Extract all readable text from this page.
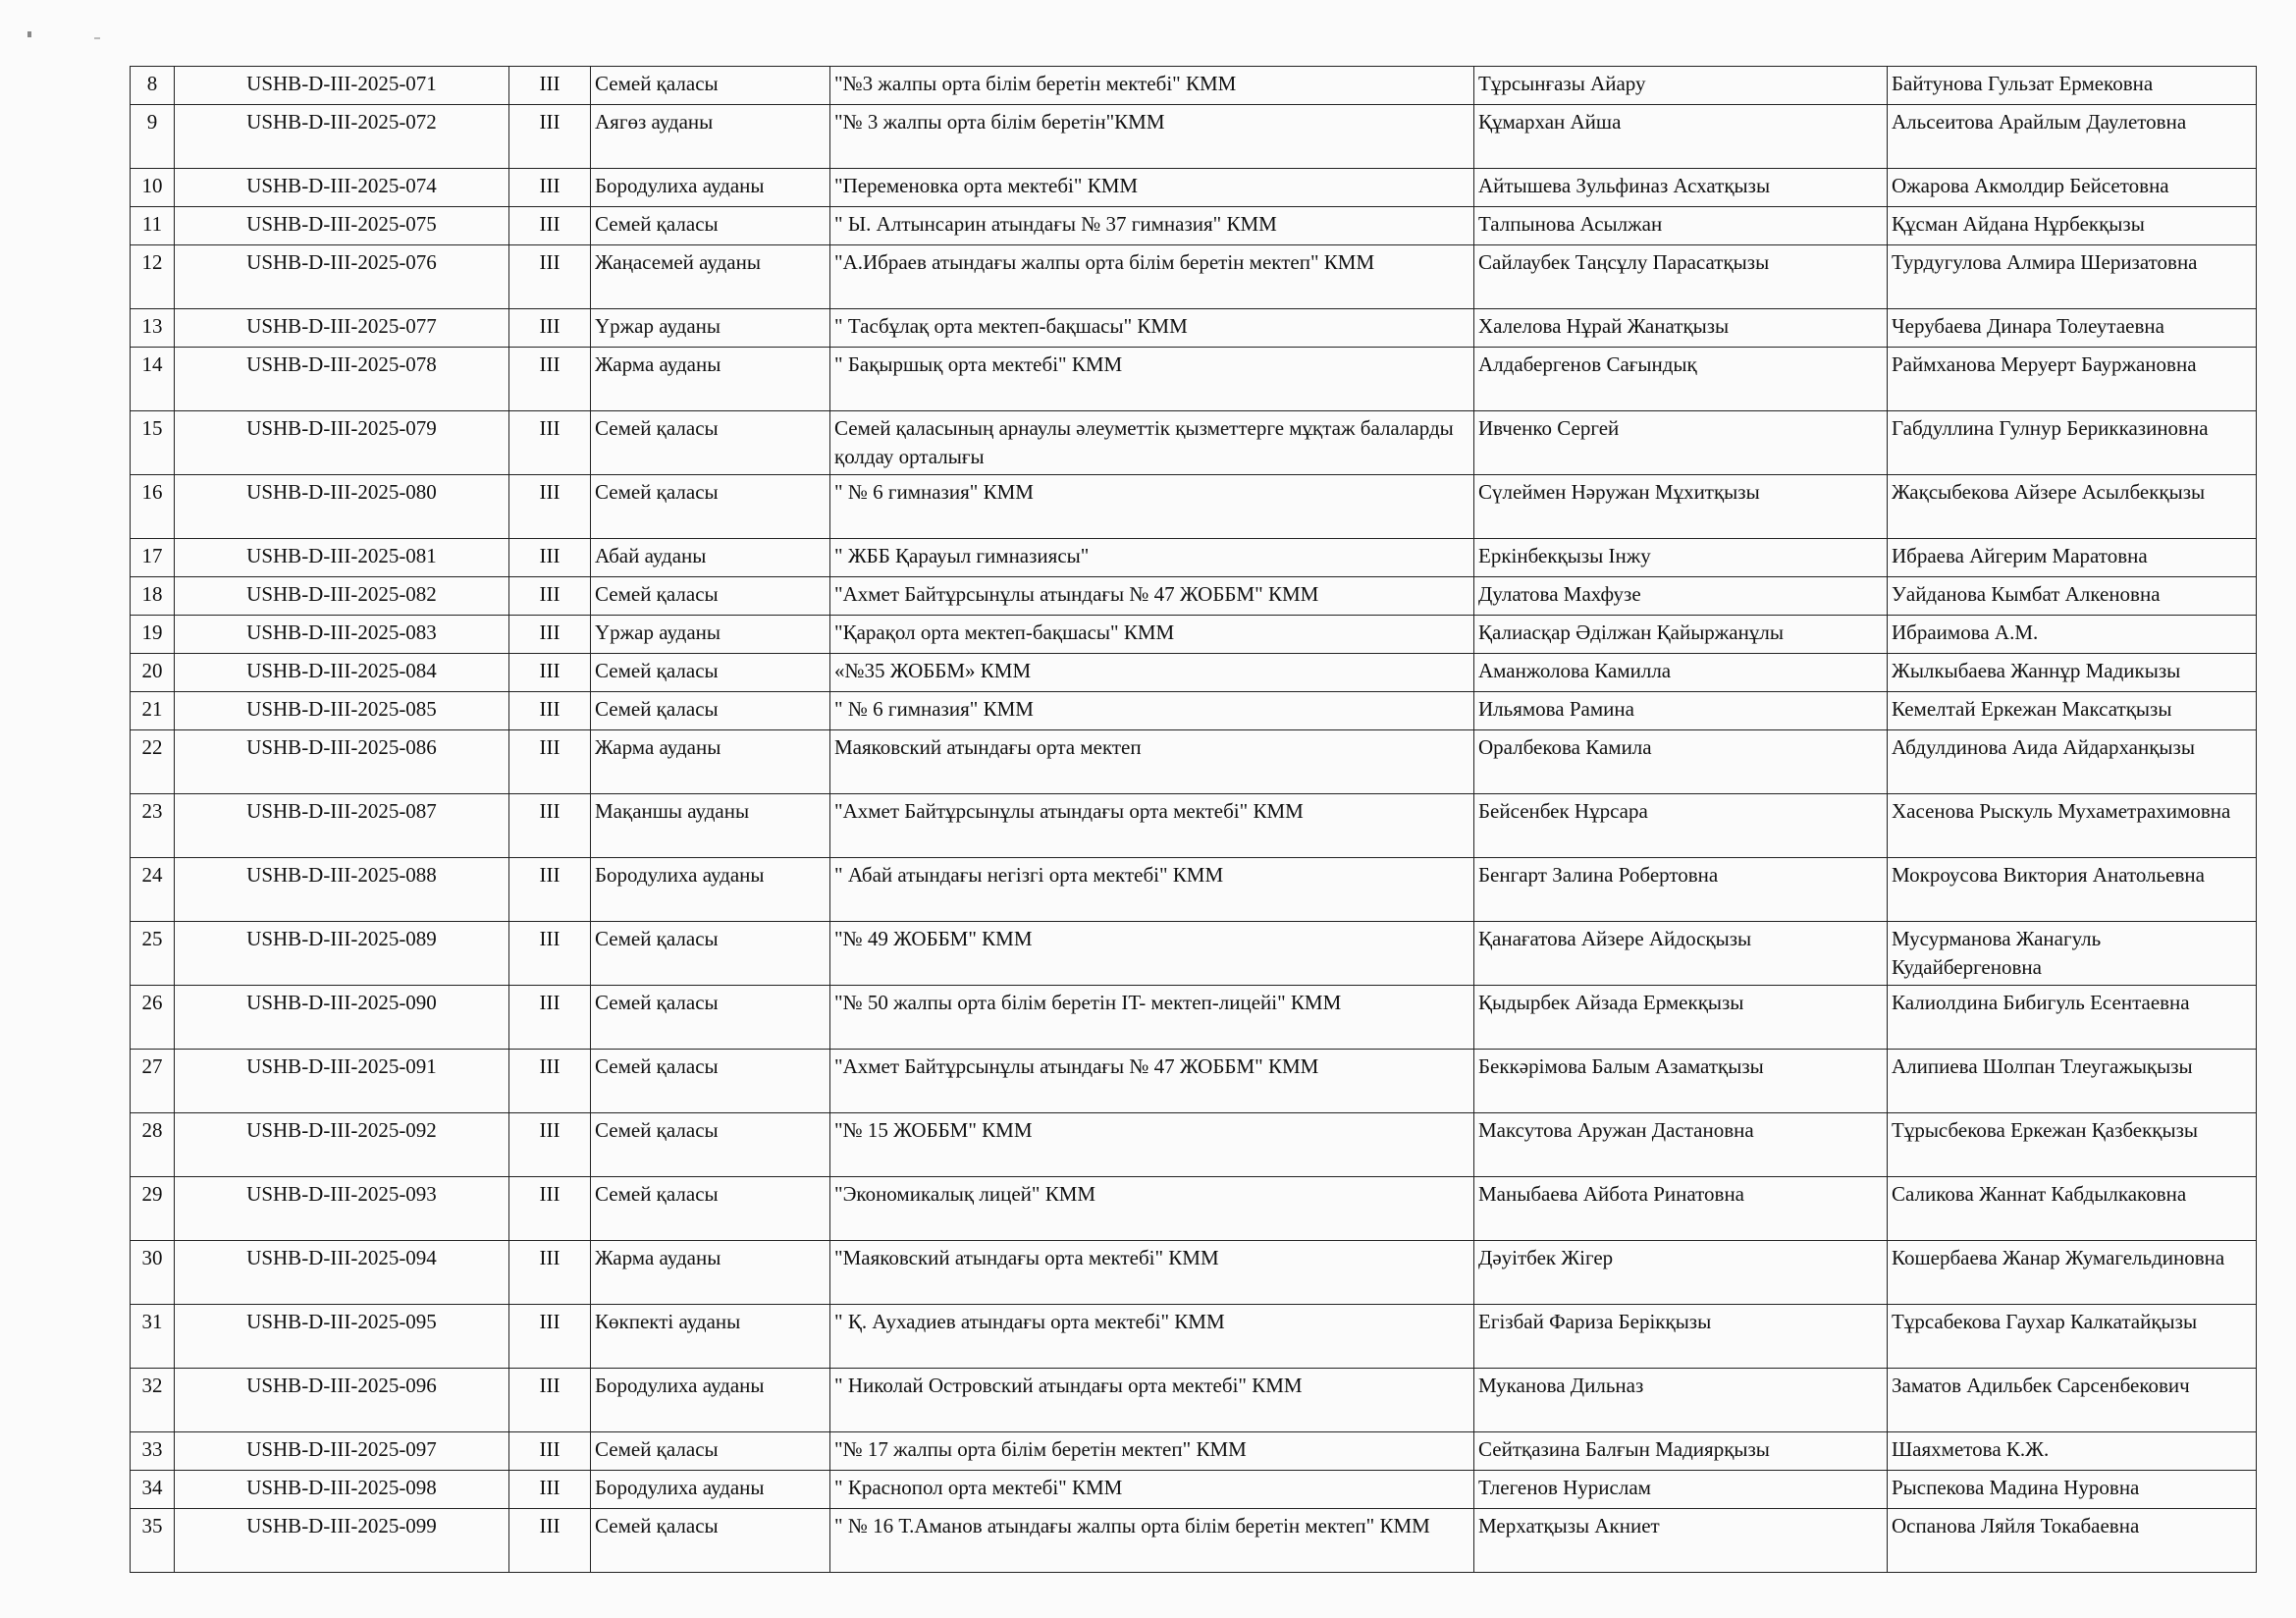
8	USHB-D-III-2025-071	III	Семей қаласы	"№3 жалпы орта білім беретін мектебі" КММ	Тұрсынғазы Айару	Байтунова Гульзат Ермековна
9	USHB-D-III-2025-072	III	Аягөз ауданы	"№ 3 жалпы орта білім беретін"КММ	Құмархан Айша	Альсеитова Арайлым Даулетовна
10	USHB-D-III-2025-074	III	Бородулиха ауданы	"Переменовка орта мектебі" КММ	Айтышева Зульфиназ Асхатқызы	Ожарова Акмолдир Бейсетовна
11	USHB-D-III-2025-075	III	Семей қаласы	" Ы. Алтынсарин атындағы № 37 гимназия" КММ	Талпынова Асылжан	Құсман Айдана Нұрбекқызы
12	USHB-D-III-2025-076	III	Жаңасемей ауданы	"А.Ибраев атындағы жалпы орта білім беретін мектеп" КММ	Сайлаубек Таңсұлу Парасатқызы	Турдугулова Алмира Шеризатовна
13	USHB-D-III-2025-077	III	Үржар ауданы	" Тасбұлақ орта мектеп-бақшасы" КММ	Халелова Нұрай Жанатқызы	Черубаева Динара Толеутаевна
14	USHB-D-III-2025-078	III	Жарма ауданы	" Бақыршық орта мектебі" КММ	Алдабергенов Сағындық	Раймханова Меруерт Бауржановна
15	USHB-D-III-2025-079	III	Семей қаласы	Семей қаласының арнаулы әлеуметтік қызметтерге мұқтаж балаларды қолдау орталығы	Ивченко Сергей	Габдуллина Гулнур Берикказиновна
16	USHB-D-III-2025-080	III	Семей қаласы	" № 6 гимназия" КММ	Сүлеймен Нәружан Мұхитқызы	Жақсыбекова Айзере Асылбекқызы
17	USHB-D-III-2025-081	III	Абай ауданы	" ЖББ Қарауыл гимназиясы"	Еркінбекқызы Інжу	Ибраева Айгерим Маратовна
18	USHB-D-III-2025-082	III	Семей қаласы	"Ахмет Байтұрсынұлы атындағы № 47 ЖОББМ" КММ	Дулатова Махфузе	Уайданова Кымбат Алкеновна
19	USHB-D-III-2025-083	III	Үржар ауданы	"Қарақол орта мектеп-бақшасы" КММ	Қалиасқар Әділжан Қайыржанұлы	Ибраимова А.М.
20	USHB-D-III-2025-084	III	Семей қаласы	«№35 ЖОББМ» КММ	Аманжолова Камилла	Жылкыбаева Жаннұр Мадикызы
21	USHB-D-III-2025-085	III	Семей қаласы	" № 6 гимназия" КММ	Ильямова Рамина	Кемелтай Еркежан Максатқызы
22	USHB-D-III-2025-086	III	Жарма ауданы	Маяковский атындағы орта мектеп	Оралбекова Камила	Абдулдинова Аида Айдарханқызы
23	USHB-D-III-2025-087	III	Мақаншы ауданы	"Ахмет Байтұрсынұлы атындағы орта мектебі" КММ	Бейсенбек Нұрсара	Хасенова Рыскуль Мухаметрахимовна
24	USHB-D-III-2025-088	III	Бородулиха ауданы	" Абай атындағы негізгі орта мектебі" КММ	Бенгарт Залина Робертовна	Мокроусова Виктория Анатольевна
25	USHB-D-III-2025-089	III	Семей қаласы	"№ 49 ЖОББМ" КММ	Қанағатова Айзере Айдосқызы	Мусурманова Жанагуль Кудайбергеновна
26	USHB-D-III-2025-090	III	Семей қаласы	"№ 50 жалпы орта білім беретін IT- мектеп-лицейі" КММ	Қыдырбек Айзада Ермекқызы	Калиолдина Бибигуль Есентаевна
27	USHB-D-III-2025-091	III	Семей қаласы	"Ахмет Байтұрсынұлы атындағы № 47 ЖОББМ" КММ	Беккәрімова Балым Азаматқызы	Алипиева Шолпан Тлеугажықызы
28	USHB-D-III-2025-092	III	Семей қаласы	"№ 15 ЖОББМ" КММ	Максутова Аружан Дастановна	Тұрысбекова Еркежан Қазбекқызы
29	USHB-D-III-2025-093	III	Семей қаласы	"Экономикалық лицей" КММ	Маныбаева Айбота Ринатовна	Саликова Жаннат Кабдылкаковна
30	USHB-D-III-2025-094	III	Жарма ауданы	"Маяковский атындағы орта мектебі" КММ	Дәуітбек Жігер	Кошербаева Жанар Жумагельдиновна
31	USHB-D-III-2025-095	III	Көкпекті ауданы	" Қ. Аухадиев атындағы орта мектебі" КММ	Егізбай Фариза Берікқызы	Тұрсабекова Гаухар Калкатайқызы
32	USHB-D-III-2025-096	III	Бородулиха ауданы	" Николай Островский атындағы орта мектебі" КММ	Муканова Дильназ	Заматов Адильбек Сарсенбекович
33	USHB-D-III-2025-097	III	Семей қаласы	"№ 17 жалпы орта білім беретін мектеп" КММ	Сейтқазина Балғын Мадиярқызы	Шаяхметова К.Ж.
34	USHB-D-III-2025-098	III	Бородулиха ауданы	" Краснопол орта мектебі" КММ	Тлегенов Нурислам	Рыспекова Мадина Нуровна
35	USHB-D-III-2025-099	III	Семей қаласы	" № 16 Т.Аманов атындағы жалпы орта білім беретін мектеп" КММ	Мерхатқызы Акниет	Оспанова Ляйля Токабаевна
